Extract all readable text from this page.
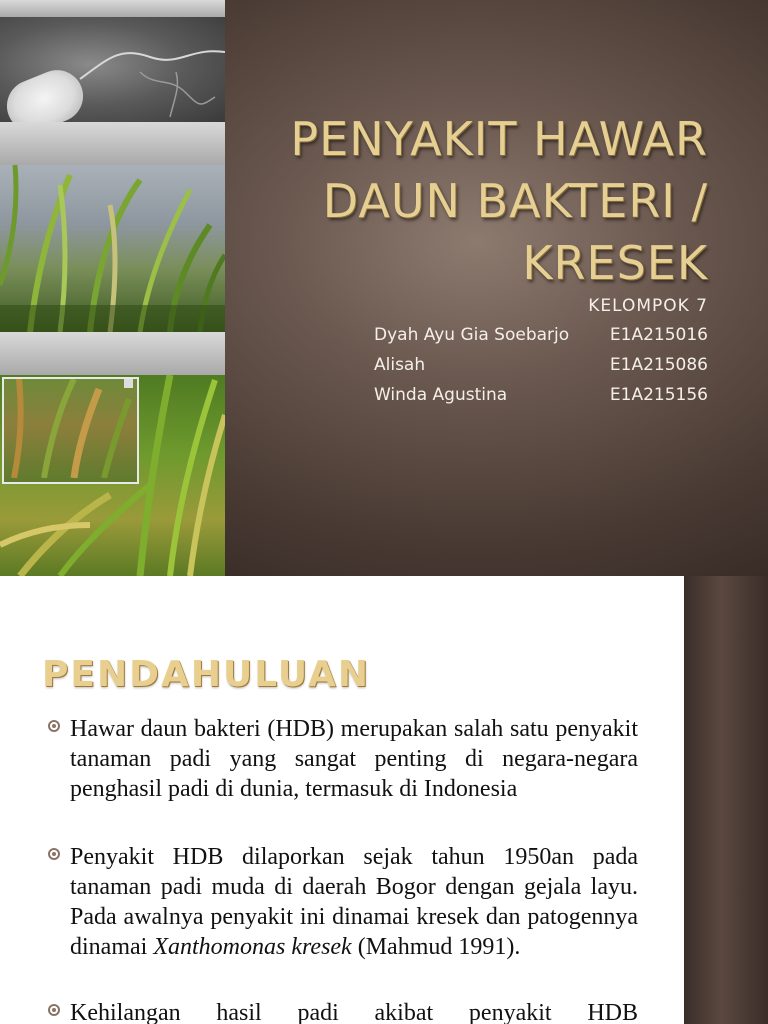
PENYAKIT HAWAR
DAUN BAKTERI /
KRESEK
KELOMPOK 7
Dyah Ayu Gia Soebarjo E1A215016
Alisah	E1A215086
Winda Agustina	E1A215156
PENDAHULUAN

Hawar daun bakteri (HDB) merupakan salah satu penyakit tanaman padi yang sangat penting di negara-negara penghasil padi di dunia, termasuk di Indonesia

Penyakit HDB dilaporkan sejak tahun 1950an pada tanaman padi muda di daerah Bogor dengan gejala layu. Pada awalnya penyakit ini dinamai kresek dan patogennya dinamai Xanthomonas kresek (Mahmud 1991).

Kehilangan hasil padi akibat penyakit HDB
